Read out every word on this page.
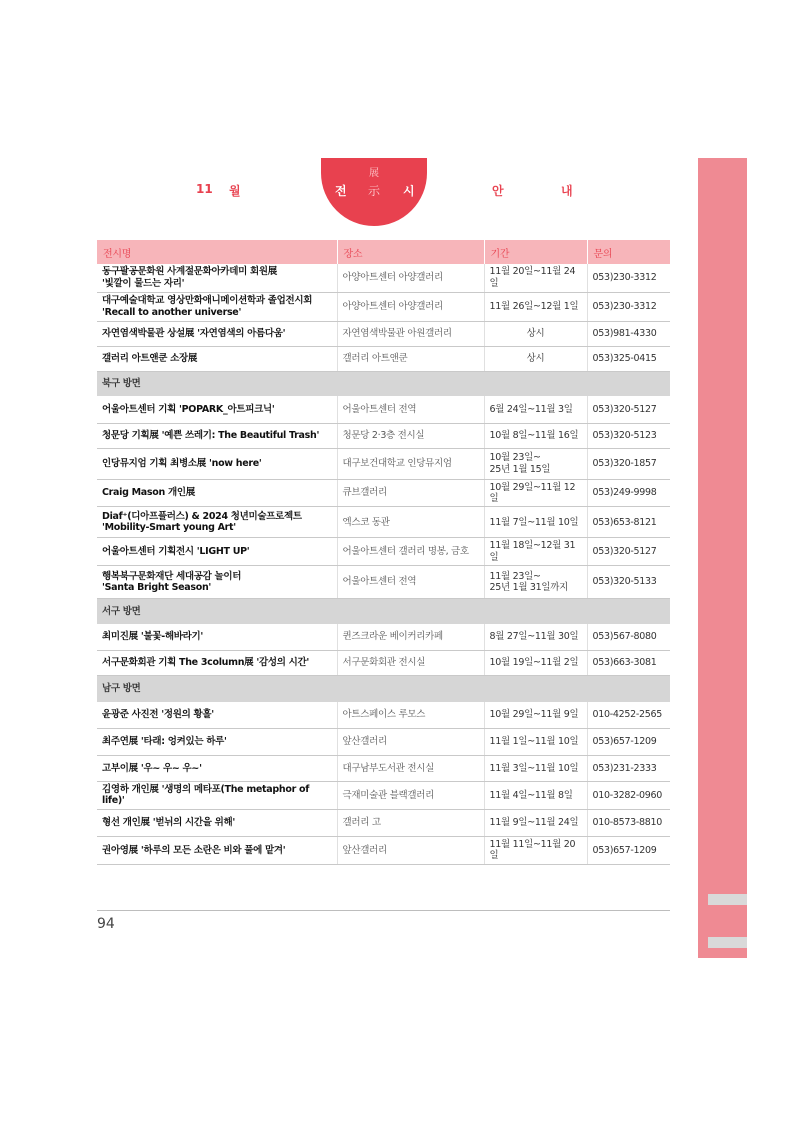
11 월
展
전 示 시	안	내
전시명	장소	기간	문의
동구팔공문화원 사계절문화아카데미 회원展
'빛깔이 물드는 자리'	아양아트센터 아양갤러리	11월 20일~11월 24일	053)230-3312
대구예술대학교 영상만화애니메이션학과 졸업전시회
'Recall to another universe'	아양아트센터 아양갤러리	11월 26일~12월 1일	053)230-3312
자연염색박물관 상설展 '자연염색의 아름다움'	자연염색박물관 아원갤러리	상시	053)981-4330
갤러리 아트앤쿤 소장展	갤러리 아트앤쿤	상시	053)325-0415
북구 방면			
어울아트센터 기획 'POPARK_아트피크닉'	어울아트센터 전역	6월 24일~11월 3일	053)320-5127
청문당 기획展 '예쁜 쓰레기: The Beautiful Trash'	청문당 2·3층 전시실	10월 8일~11월 16일	053)320-5123
인당뮤지엄 기획 최병소展 'now here'	대구보건대학교 인당뮤지엄	10월 23일~
25년 1월 15일	053)320-1857
Craig Mason 개인展	큐브갤러리	10월 29일~11월 12일	053)249-9998
Diaf⁺(디아프플러스) & 2024 청년미술프로젝트
'Mobility-Smart young Art'	엑스코 동관	11월 7일~11월 10일	053)653-8121
어울아트센터 기획전시 'LIGHT UP'	어울아트센터 갤러리 명봉, 금호	11월 18일~12월 31일	053)320-5127
행복북구문화재단 세대공감 놀이터
'Santa Bright Season'	어울아트센터 전역	11월 23일~
25년 1월 31일까지	053)320-5133
서구 방면			
최미진展 '불꽃-해바라기'	퀸즈크라운 베이커리카페	8월 27일~11월 30일	053)567-8080
서구문화회관 기획 The 3column展 '감성의 시간'	서구문화회관 전시실	10월 19일~11월 2일	053)663-3081
남구 방면			
윤광준 사진전 '정원의 황홀'	아트스페이스 루모스	10월 29일~11월 9일	010-4252-2565
최주연展 '타래: 엉켜있는 하루'	앞산갤러리	11월 1일~11월 10일	053)657-1209
고부이展 '우~ 우~ 우~'	대구남부도서관 전시실	11월 3일~11월 10일	053)231-2333
김영하 개인展 '생명의 메타포(The metaphor of life)'	극재미술관 블랙갤러리	11월 4일~11월 8일	010-3282-0960
형선 개인展 '벋뉘의 시간을 위해'	갤러리 고	11월 9일~11월 24일	010-8573-8810
권아영展 '하루의 모든 소란은 비와 풀에 맡겨'	앞산갤러리	11월 11일~11월 20일	053)657-1209
94
